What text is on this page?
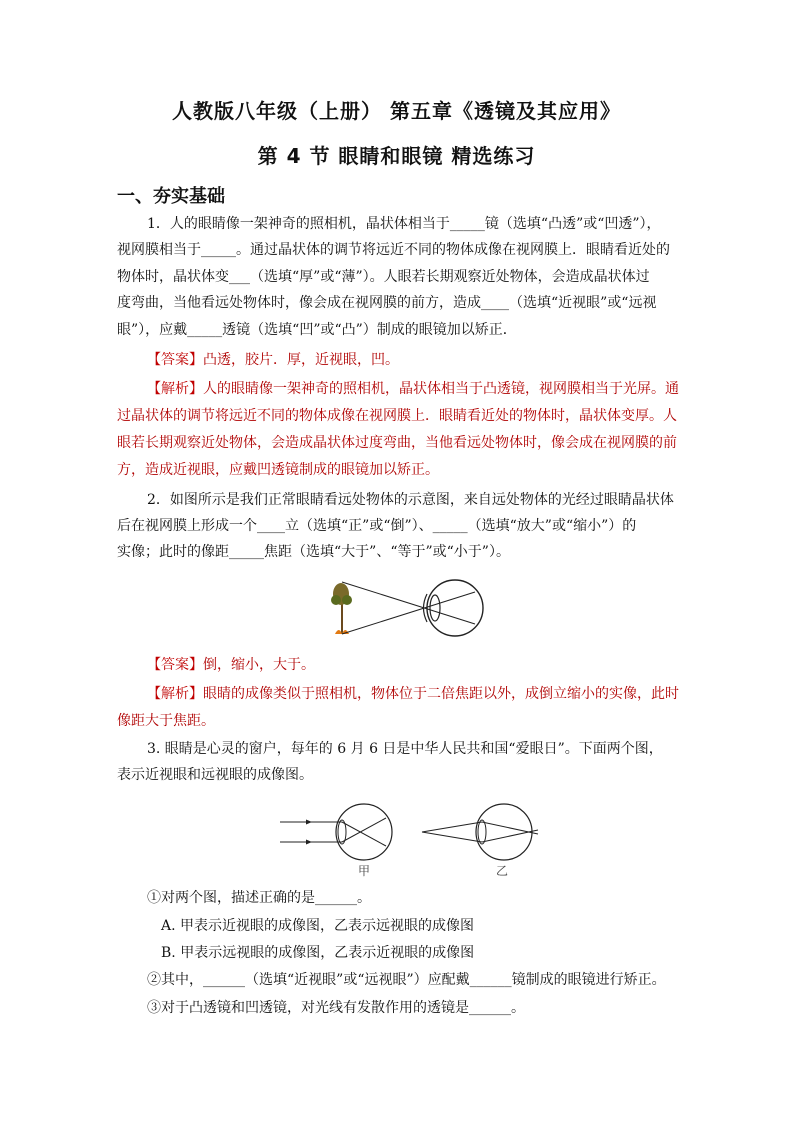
人教版八年级（上册） 第五章《透镜及其应用》
第 4 节 眼睛和眼镜 精选练习
一、夯实基础
1．人的眼睛像一架神奇的照相机，晶状体相当于_____镜（选填“凸透”或“凹透”），
视网膜相当于_____。通过晶状体的调节将远近不同的物体成像在视网膜上．眼睛看近处的
物体时，晶状体变___（选填“厚”或“薄”）。人眼若长期观察近处物体，会造成晶状体过
度弯曲，当他看远处物体时，像会成在视网膜的前方，造成____（选填“近视眼”或“远视
眼”），应戴_____透镜（选填“凹”或“凸”）制成的眼镜加以矫正．
【答案】凸透，胶片．厚，近视眼，凹。
【解析】人的眼睛像一架神奇的照相机，晶状体相当于凸透镜，视网膜相当于光屏。通
过晶状体的调节将远近不同的物体成像在视网膜上．眼睛看近处的物体时，晶状体变厚。人
眼若长期观察近处物体，会造成晶状体过度弯曲，当他看远处物体时，像会成在视网膜的前
方，造成近视眼，应戴凹透镜制成的眼镜加以矫正。
2．如图所示是我们正常眼睛看远处物体的示意图，来自远处物体的光经过眼睛晶状体
后在视网膜上形成一个____立（选填“正”或“倒”）、_____（选填“放大”或“缩小”）的
实像；此时的像距_____焦距（选填“大于”、“等于”或“小于”）。
【答案】倒，缩小，大于。
【解析】眼睛的成像类似于照相机，物体位于二倍焦距以外，成倒立缩小的实像，此时
像距大于焦距。
3. 眼睛是心灵的窗户，每年的 6 月 6 日是中华人民共和国“爱眼日”。下面两个图，
表示近视眼和远视眼的成像图。
甲	乙
①对两个图，描述正确的是______。
A. 甲表示近视眼的成像图，乙表示远视眼的成像图
B. 甲表示远视眼的成像图，乙表示近视眼的成像图
②其中，______（选填“近视眼”或“远视眼”）应配戴______镜制成的眼镜进行矫正。
③对于凸透镜和凹透镜，对光线有发散作用的透镜是______。
